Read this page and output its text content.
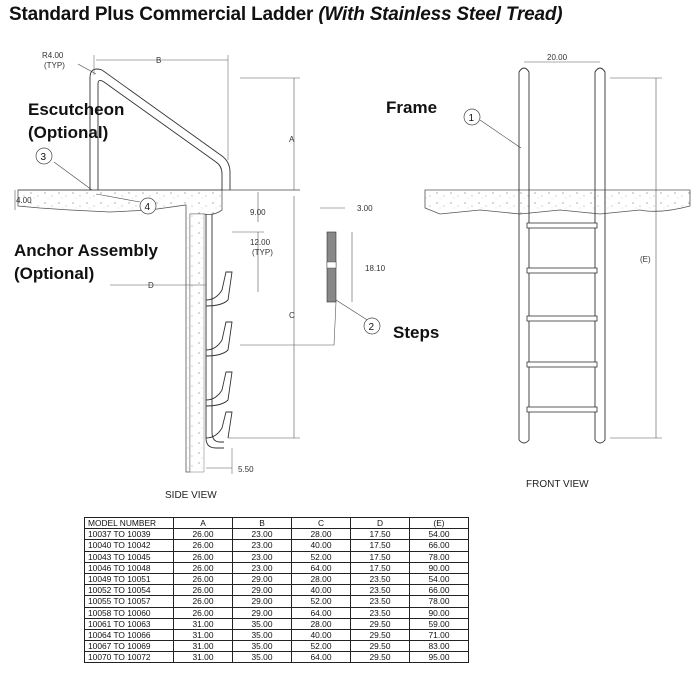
Standard Plus Commercial Ladder (With Stainless Steel Tread)
R4.00
(TYP)
B
A
C
D
4.00
9.00
12.00
(TYP)
5.50
3.00
18.10
Escutcheon
(Optional)
Anchor Assembly
(Optional)
Frame
Steps
3
4
1
2
20.00
(E)
SIDE VIEW
FRONT VIEW
MODEL NUMBER	A	B	C	D	(E)
10037 TO 10039	26.00	23.00	28.00	17.50	54.00
10040 TO 10042	26.00	23.00	40.00	17.50	66.00
10043 TO 10045	26.00	23.00	52.00	17.50	78.00
10046 TO 10048	26.00	23.00	64.00	17.50	90.00
10049 TO 10051	26.00	29.00	28.00	23.50	54.00
10052 TO 10054	26.00	29.00	40.00	23.50	66.00
10055 TO 10057	26.00	29.00	52.00	23.50	78.00
10058 TO 10060	26.00	29.00	64.00	23.50	90.00
10061 TO 10063	31.00	35.00	28.00	29.50	59.00
10064 TO 10066	31.00	35.00	40.00	29.50	71.00
10067 TO 10069	31.00	35.00	52.00	29.50	83.00
10070 TO 10072	31.00	35.00	64.00	29.50	95.00
